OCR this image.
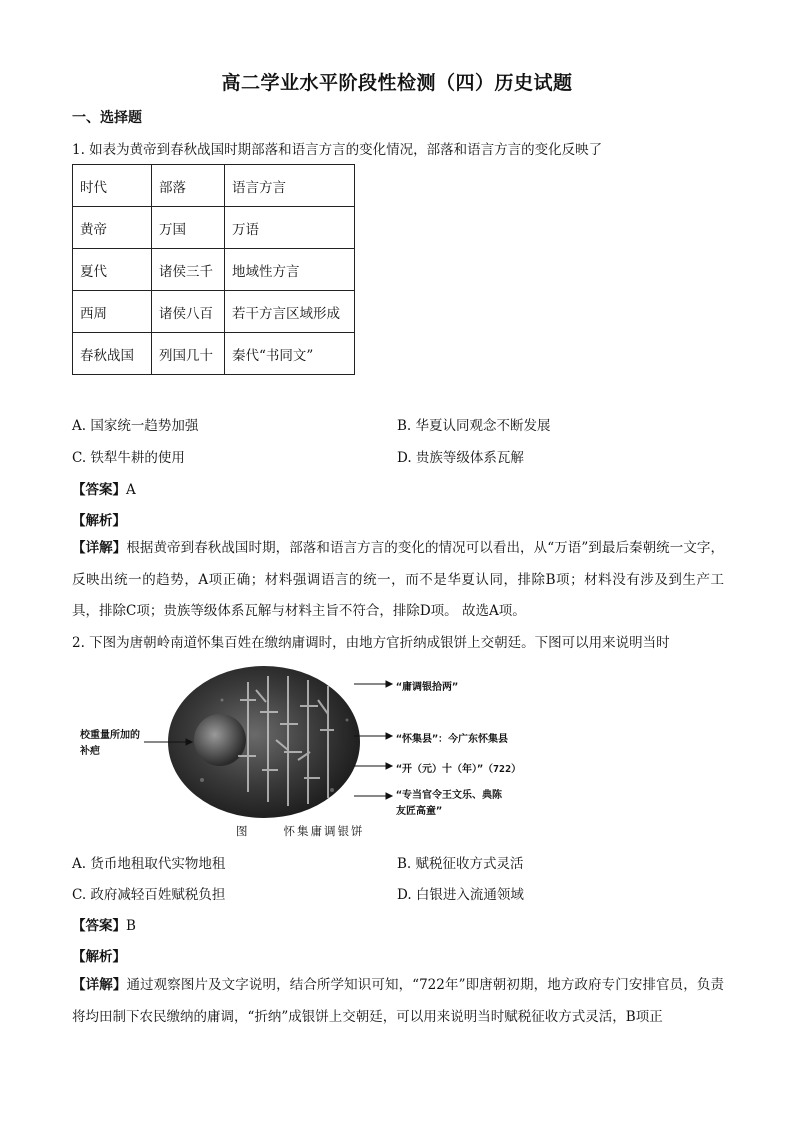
高二学业水平阶段性检测（四）历史试题
一、选择题
1. 如表为黄帝到春秋战国时期部落和语言方言的变化情况，部落和语言方言的变化反映了
时代	部落	语言方言
黄帝	万国	万语
夏代	诸侯三千	地域性方言
西周	诸侯八百	若干方言区域形成
春秋战国	列国几十	秦代“书同文”
A. 国家统一趋势加强	B. 华夏认同观念不断发展
C. 铁犁牛耕的使用	D. 贵族等级体系瓦解
【答案】A
【解析】
【详解】根据黄帝到春秋战国时期，部落和语言方言的变化的情况可以看出，从“万语”到最后秦朝统一文字，反映出统一的趋势，A项正确；材料强调语言的统一，而不是华夏认同，排除B项；材料没有涉及到生产工具，排除C项；贵族等级体系瓦解与材料主旨不符合，排除D项。 故选A项。
2. 下图为唐朝岭南道怀集百姓在缴纳庸调时，由地方官折纳成银饼上交朝廷。下图可以用来说明当时
校重量所加的
补疤
“庸调银拾两”
“怀集县”：今广东怀集县
“开（元）十（年）”（722）
“专当官令王文乐、典陈
友匠高童”
图	怀集庸调银饼
A. 货币地租取代实物地租	B. 赋税征收方式灵活
C. 政府减轻百姓赋税负担	D. 白银进入流通领域
【答案】B
【解析】
【详解】通过观察图片及文字说明，结合所学知识可知，“722年”即唐朝初期，地方政府专门安排官员，负责将均田制下农民缴纳的庸调，“折纳”成银饼上交朝廷，可以用来说明当时赋税征收方式灵活，B项正
